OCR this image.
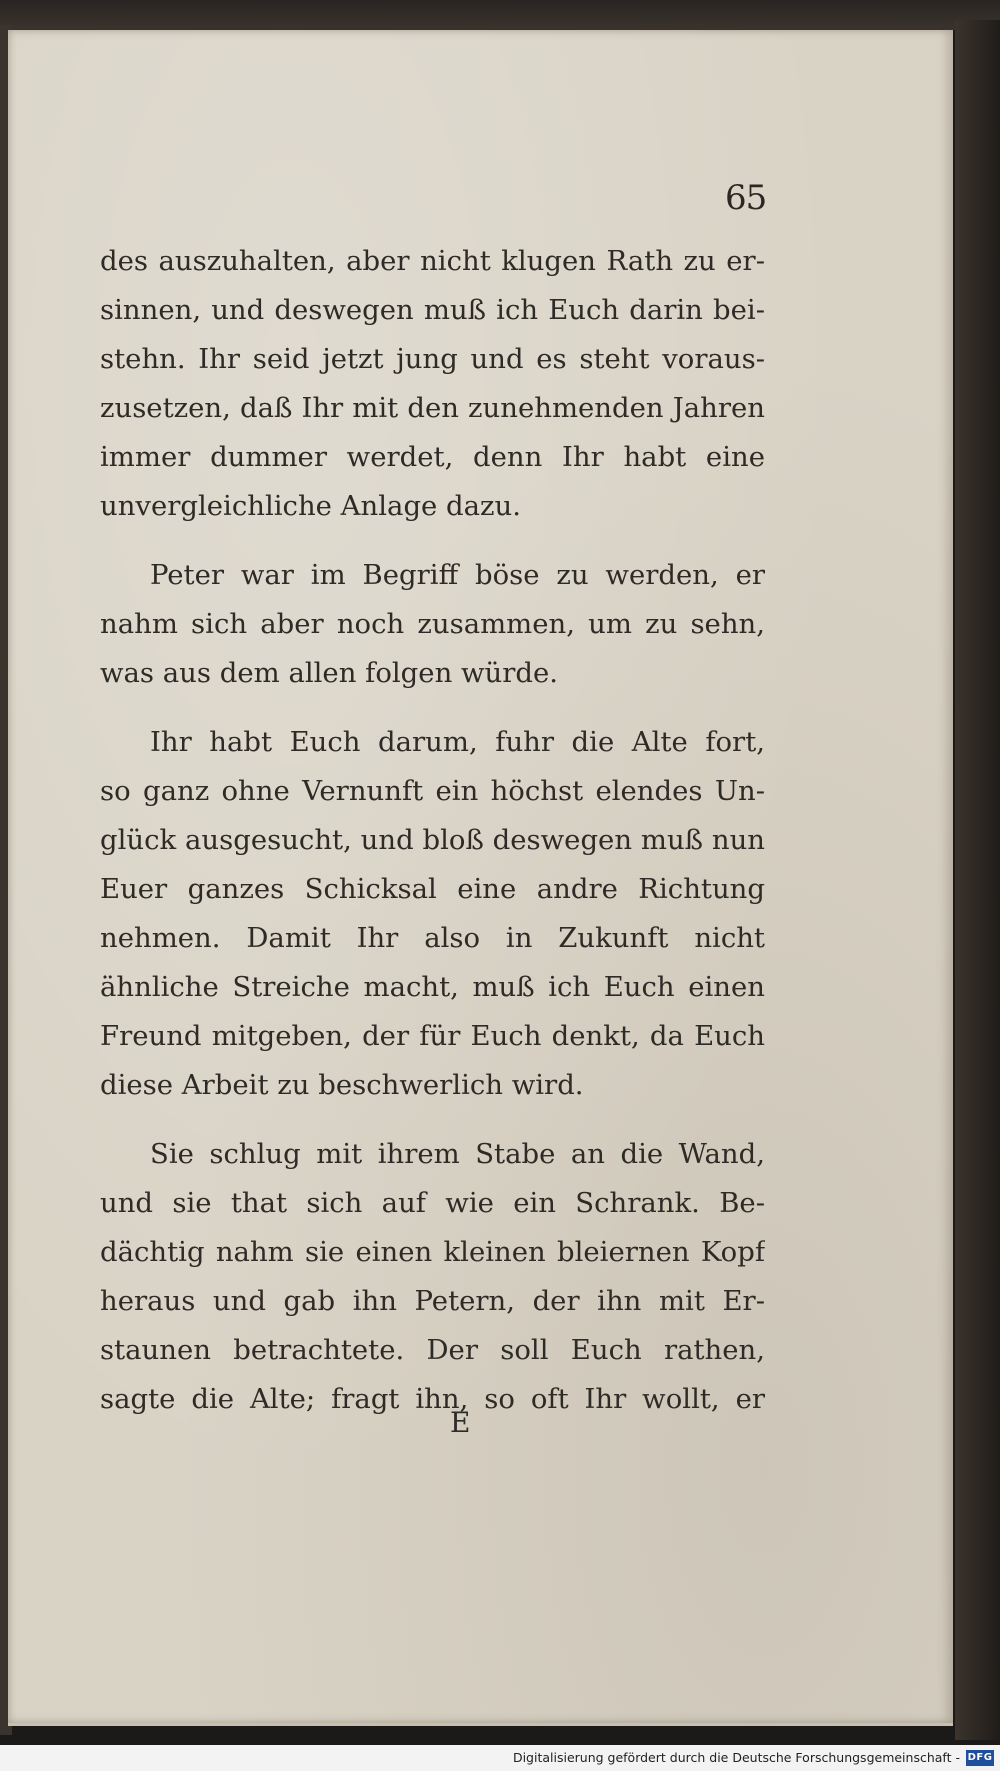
65
des auszuhalten, aber nicht klugen Rath zu er-
sinnen, und deswegen muß ich Euch darin bei-
stehn. Ihr seid jetzt jung und es steht voraus-
zusetzen, daß Ihr mit den zunehmenden Jahren
immer dummer werdet, denn Ihr habt eine
unvergleichliche Anlage dazu.
Peter war im Begriff böse zu werden, er
nahm sich aber noch zusammen, um zu sehn,
was aus dem allen folgen würde.
Ihr habt Euch darum, fuhr die Alte fort,
so ganz ohne Vernunft ein höchst elendes Un-
glück ausgesucht, und bloß deswegen muß nun
Euer ganzes Schicksal eine andre Richtung
nehmen. Damit Ihr also in Zukunft nicht
ähnliche Streiche macht, muß ich Euch einen
Freund mitgeben, der für Euch denkt, da Euch
diese Arbeit zu beschwerlich wird.
Sie schlug mit ihrem Stabe an die Wand,
und sie that sich auf wie ein Schrank. Be-
dächtig nahm sie einen kleinen bleiernen Kopf
heraus und gab ihn Petern, der ihn mit Er-
staunen betrachtete. Der soll Euch rathen,
sagte die Alte; fragt ihn, so oft Ihr wollt, er
E
Digitalisierung gefördert durch die Deutsche Forschungsgemeinschaft - DFG
